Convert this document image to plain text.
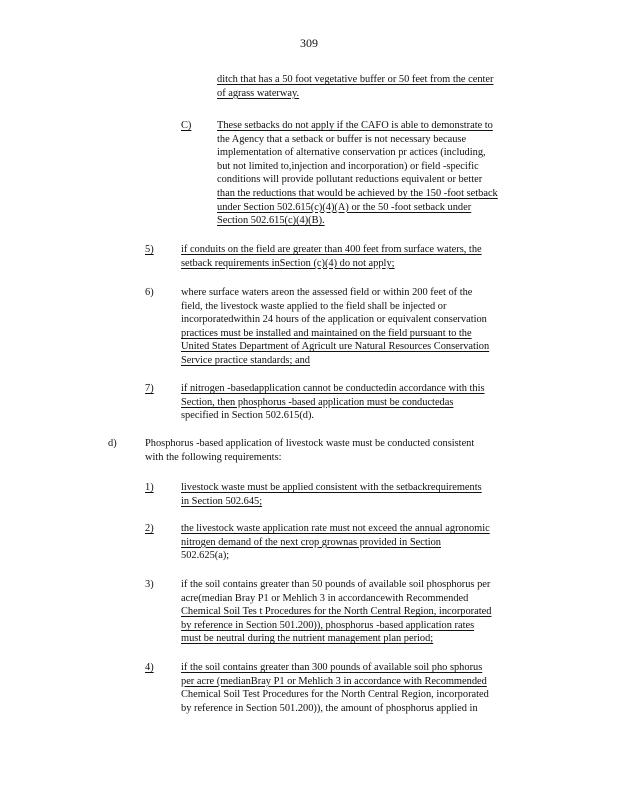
309
ditch that has a 50 foot vegetative buffer or 50 feet from the center
of agrass waterway.
C) These setbacks do not apply if the CAFO is able to demonstrate to
the Agency that a setback or buffer is not necessary because
implementation of alternative conservation pr actices (including,
but not limited to,injection and incorporation) or field -specific
conditions will provide pollutant reductions equivalent or better
than the reductions that would be achieved by the 150 -foot setback
under Section 502.615(c)(4)(A) or the 50 -foot setback under
Section 502.615(c)(4)(B).
5)	if conduits on the field are greater than 400 feet from surface waters, the
setback requirements inSection (c)(4) do not apply;
6)	where surface waters areon the assessed field or within 200 feet of the
field, the livestock waste applied to the field shall be injected or
incorporatedwithin 24 hours of the application or equivalent conservation
practices must be installed and maintained on the field pursuant to the
United States Department of Agricult ure Natural Resources Conservation
Service practice standards; and
7)	if nitrogen -basedapplication cannot be conductedin accordance with this
Section, then phosphorus -based application must be conductedas
specified in Section 502.615(d).
d)	Phosphorus -based application of livestock waste must be conducted consistent
with the following requirements:
1)	livestock waste must be applied consistent with the setbackrequirements
in Section 502.645;
2)	the livestock waste application rate must not exceed the annual agronomic
nitrogen demand of the next crop grownas provided in Section
502.625(a);
3)	if the soil contains greater than 50 pounds of available soil phosphorus per
acre(median Bray P1 or Mehlich 3 in accordancewith Recommended
Chemical Soil Tes t Procedures for the North Central Region, incorporated
by reference in Section 501.200)), phosphorus -based application rates
must be neutral during the nutrient management plan period;
4)	if the soil contains greater than 300 pounds of available soil pho sphorus
per acre (medianBray P1 or Mehlich 3 in accordance with Recommended
Chemical Soil Test Procedures for the North Central Region, incorporated
by reference in Section 501.200)), the amount of phosphorus applied in
